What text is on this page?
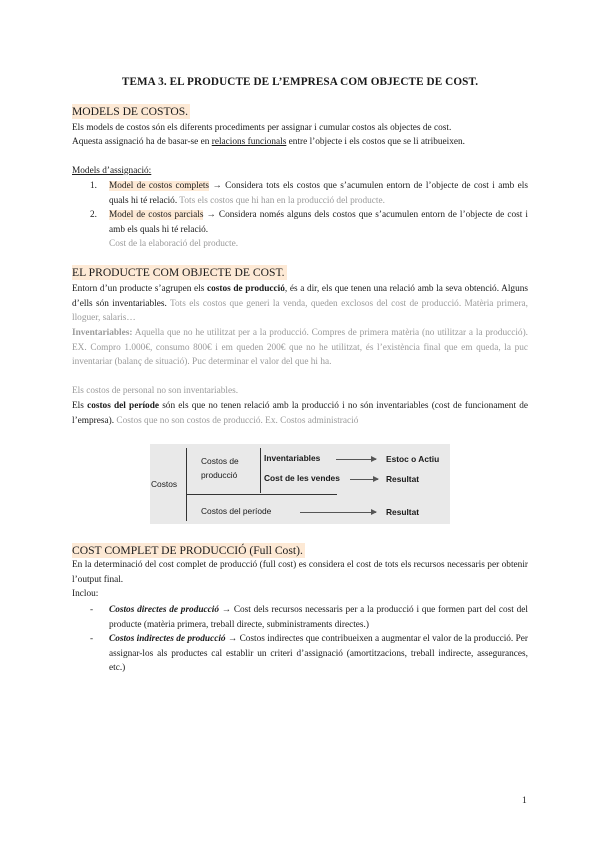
TEMA 3. EL PRODUCTE DE L’EMPRESA COM OBJECTE DE COST.
MODELS DE COSTOS.
Els models de costos són els diferents procediments per assignar i cumular costos als objectes de cost.
Aquesta assignació ha de basar-se en relacions funcionals entre l’objecte i els costos que se li atribueixen.
Models d’assignació:
1. Model de costos complets → Considera tots els costos que s’acumulen entorn de l’objecte de cost i amb els quals hi té relació. Tots els costos que hi han en la producció del producte.
2. Model de costos parcials → Considera només alguns dels costos que s’acumulen entorn de l’objecte de cost i amb els quals hi té relació.
Cost de la elaboració del producte.
EL PRODUCTE COM OBJECTE DE COST.
Entorn d’un producte s’agrupen els costos de producció, és a dir, els que tenen una relació amb la seva obtenció. Alguns d’ells són inventariables. Tots els costos que generi la venda, queden exclosos del cost de producció. Matèria primera, lloguer, salaris…
Inventariables: Aquella que no he utilitzat per a la producció. Compres de primera matèria (no utilitzar a la producció). EX. Compro 1.000€, consumo 800€ i em queden 200€ que no he utilitzat, és l’existència final que em queda, la puc inventariar (balanç de situació). Puc determinar el valor del que hi ha.
Els costos de personal no son inventariables.
Els costos del període són els que no tenen relació amb la producció i no són inventariables (cost de funcionament de l’empresa). Costos que no son costos de producció. Ex. Costos administració
Costos
Costos de
producció
Inventariables	Estoc o Actiu
Cost de les vendes	Resultat
Costos del període	Resultat
COST COMPLET DE PRODUCCIÓ (Full Cost).
En la determinació del cost complet de producció (full cost) es considera el cost de tots els recursos necessaris per obtenir l’output final.
Inclou:
- Costos directes de producció → Cost dels recursos necessaris per a la producció i que formen part del cost del producte (matèria primera, treball directe, subministraments directes.)
- Costos indirectes de producció → Costos indirectes que contribueixen a augmentar el valor de la producció. Per assignar-los als productes cal establir un criteri d’assignació (amortitzacions, treball indirecte, assegurances, etc.)
1
